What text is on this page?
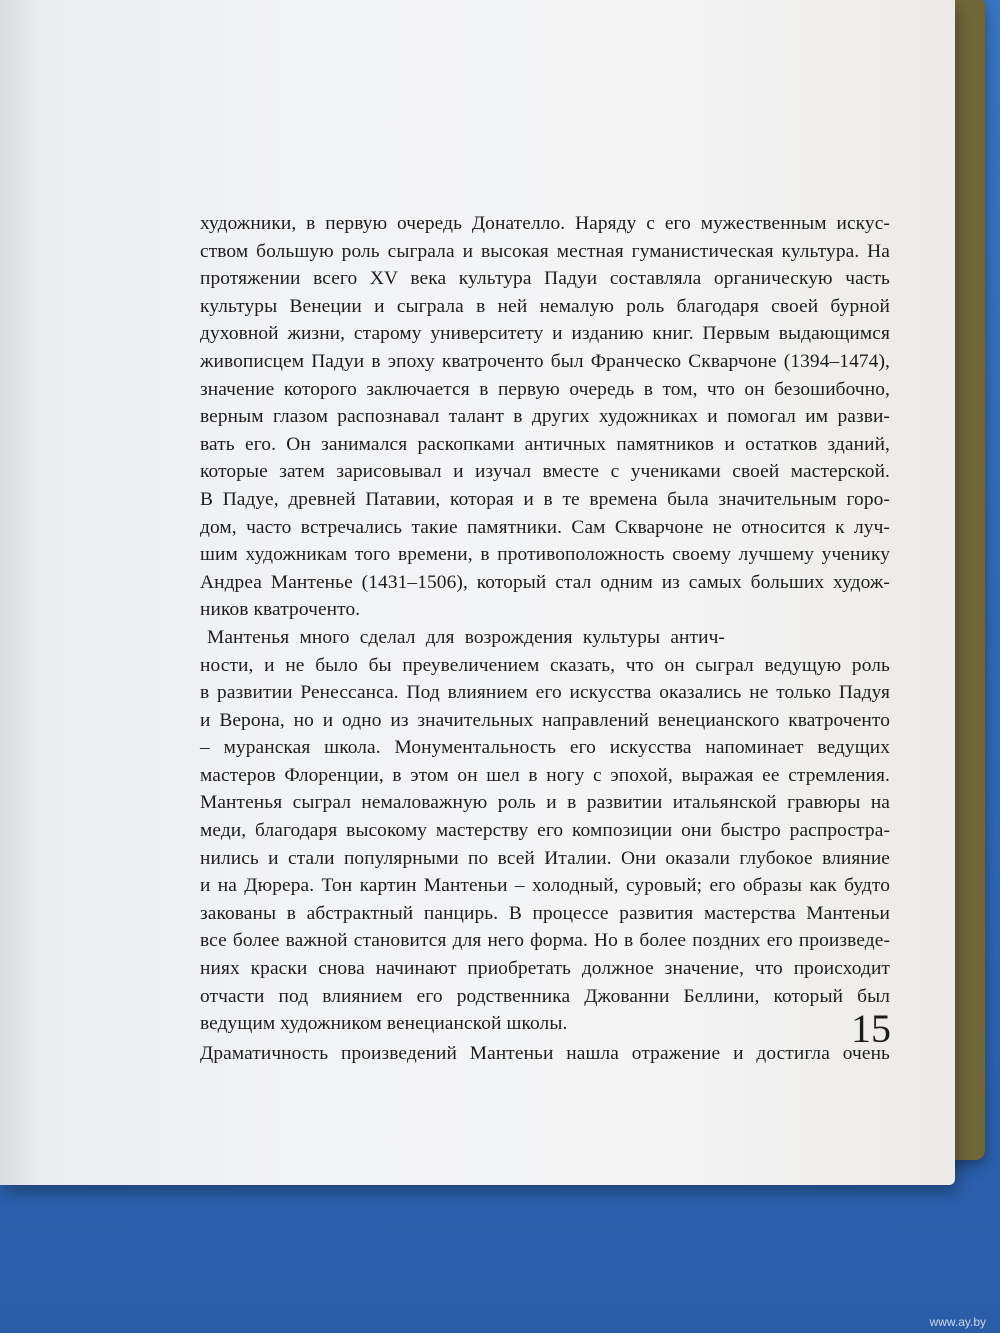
художники, в первую очередь Донателло. Наряду с его мужественным искус-
ством большую роль сыграла и высокая местная гуманистическая культура. На
протяжении всего XV века культура Падуи составляла органическую часть
культуры Венеции и сыграла в ней немалую роль благодаря своей бурной
духовной жизни, старому университету и изданию книг. Первым выдающимся
живописцем Падуи в эпоху кватроченто был Франческо Скварчоне (1394–1474),
значение которого заключается в первую очередь в том, что он безошибочно,
верным глазом распознавал талант в других художниках и помогал им разви-
вать его. Он занимался раскопками античных памятников и остатков зданий,
которые затем зарисовывал и изучал вместе с учениками своей мастерской.
В Падуе, древней Патавии, которая и в те времена была значительным горо-
дом, часто встречались такие памятники. Сам Скварчоне не относится к луч-
шим художникам того времени, в противоположность своему лучшему ученику
Андреа Мантенье (1431–1506), который стал одним из самых больших худож-
ников кватроченто. Мантенья много сделал для возрождения культуры антич-
ности, и не было бы преувеличением сказать, что он сыграл ведущую роль
в развитии Ренессанса. Под влиянием его искусства оказались не только Падуя
и Верона, но и одно из значительных направлений венецианского кватроченто
– муранская школа. Монументальность его искусства напоминает ведущих
мастеров Флоренции, в этом он шел в ногу с эпохой, выражая ее стремления.
Мантенья сыграл немаловажную роль и в развитии итальянской гравюры на
меди, благодаря высокому мастерству его композиции они быстро распростра-
нились и стали популярными по всей Италии. Они оказали глубокое влияние
и на Дюрера. Тон картин Мантеньи – холодный, суровый; его образы как будто
закованы в абстрактный панцирь. В процессе развития мастерства Мантеньи
все более важной становится для него форма. Но в более поздних его произведе-
ниях краски снова начинают приобретать должное значение, что происходит
отчасти под влиянием его родственника Джованни Беллини, который был
ведущим художником венецианской школы.
Драматичность произведений Мантеньи нашла отражение и достигла очень
15
www.ay.by
